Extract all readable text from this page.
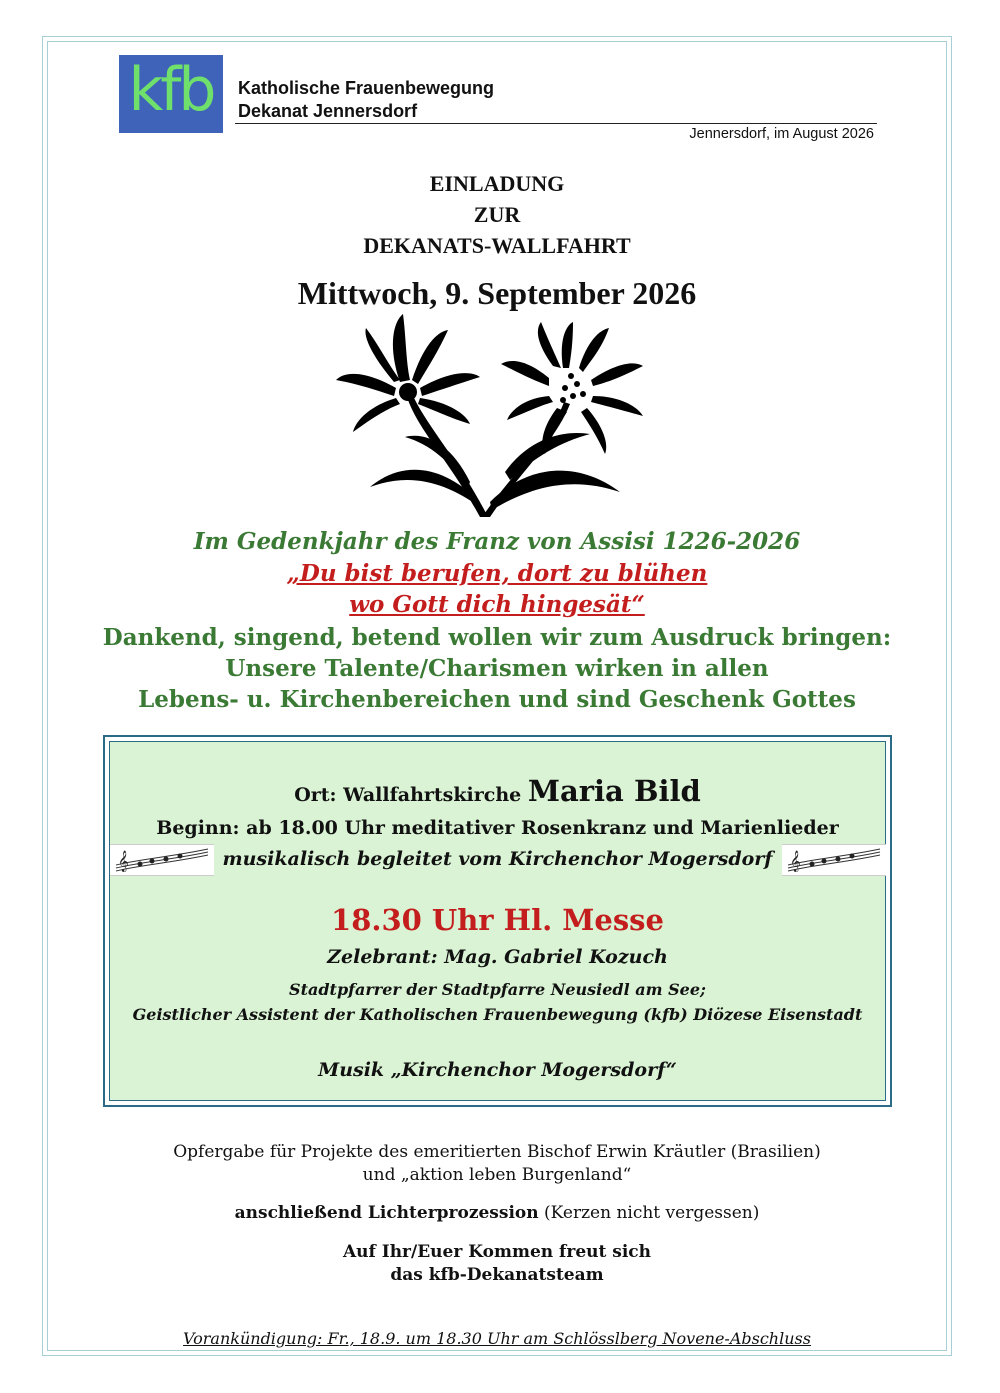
kfb Katholische Frauenbewegung
Dekanat Jennersdorf
Jennersdorf, im August 2026
EINLADUNG
ZUR
DEKANATS-WALLFAHRT
Mittwoch, 9. September 2026
Im Gedenkjahr des Franz von Assisi 1226-2026
„Du bist berufen, dort zu blühen
wo Gott dich hingesät“
Dankend, singend, betend wollen wir zum Ausdruck bringen:
Unsere Talente/Charismen wirken in allen
Lebens- u. Kirchenbereichen und sind Geschenk Gottes
Ort: Wallfahrtskirche Maria Bild
Beginn: ab 18.00 Uhr meditativer Rosenkranz und Marienlieder
𝄞	musikalisch begleitet vom Kirchenchor Mogersdorf 𝄞
18.30 Uhr Hl. Messe
Zelebrant: Mag. Gabriel Kozuch
Stadtpfarrer der Stadtpfarre Neusiedl am See;
Geistlicher Assistent der Katholischen Frauenbewegung (kfb) Diözese Eisenstadt
Musik „Kirchenchor Mogersdorf“
Opfergabe für Projekte des emeritierten Bischof Erwin Kräutler (Brasilien)
und „aktion leben Burgenland“
anschließend Lichterprozession (Kerzen nicht vergessen)
Auf Ihr/Euer Kommen freut sich
das kfb-Dekanatsteam
Vorankündigung: Fr., 18.9. um 18.30 Uhr am Schlösslberg Novene-Abschluss
